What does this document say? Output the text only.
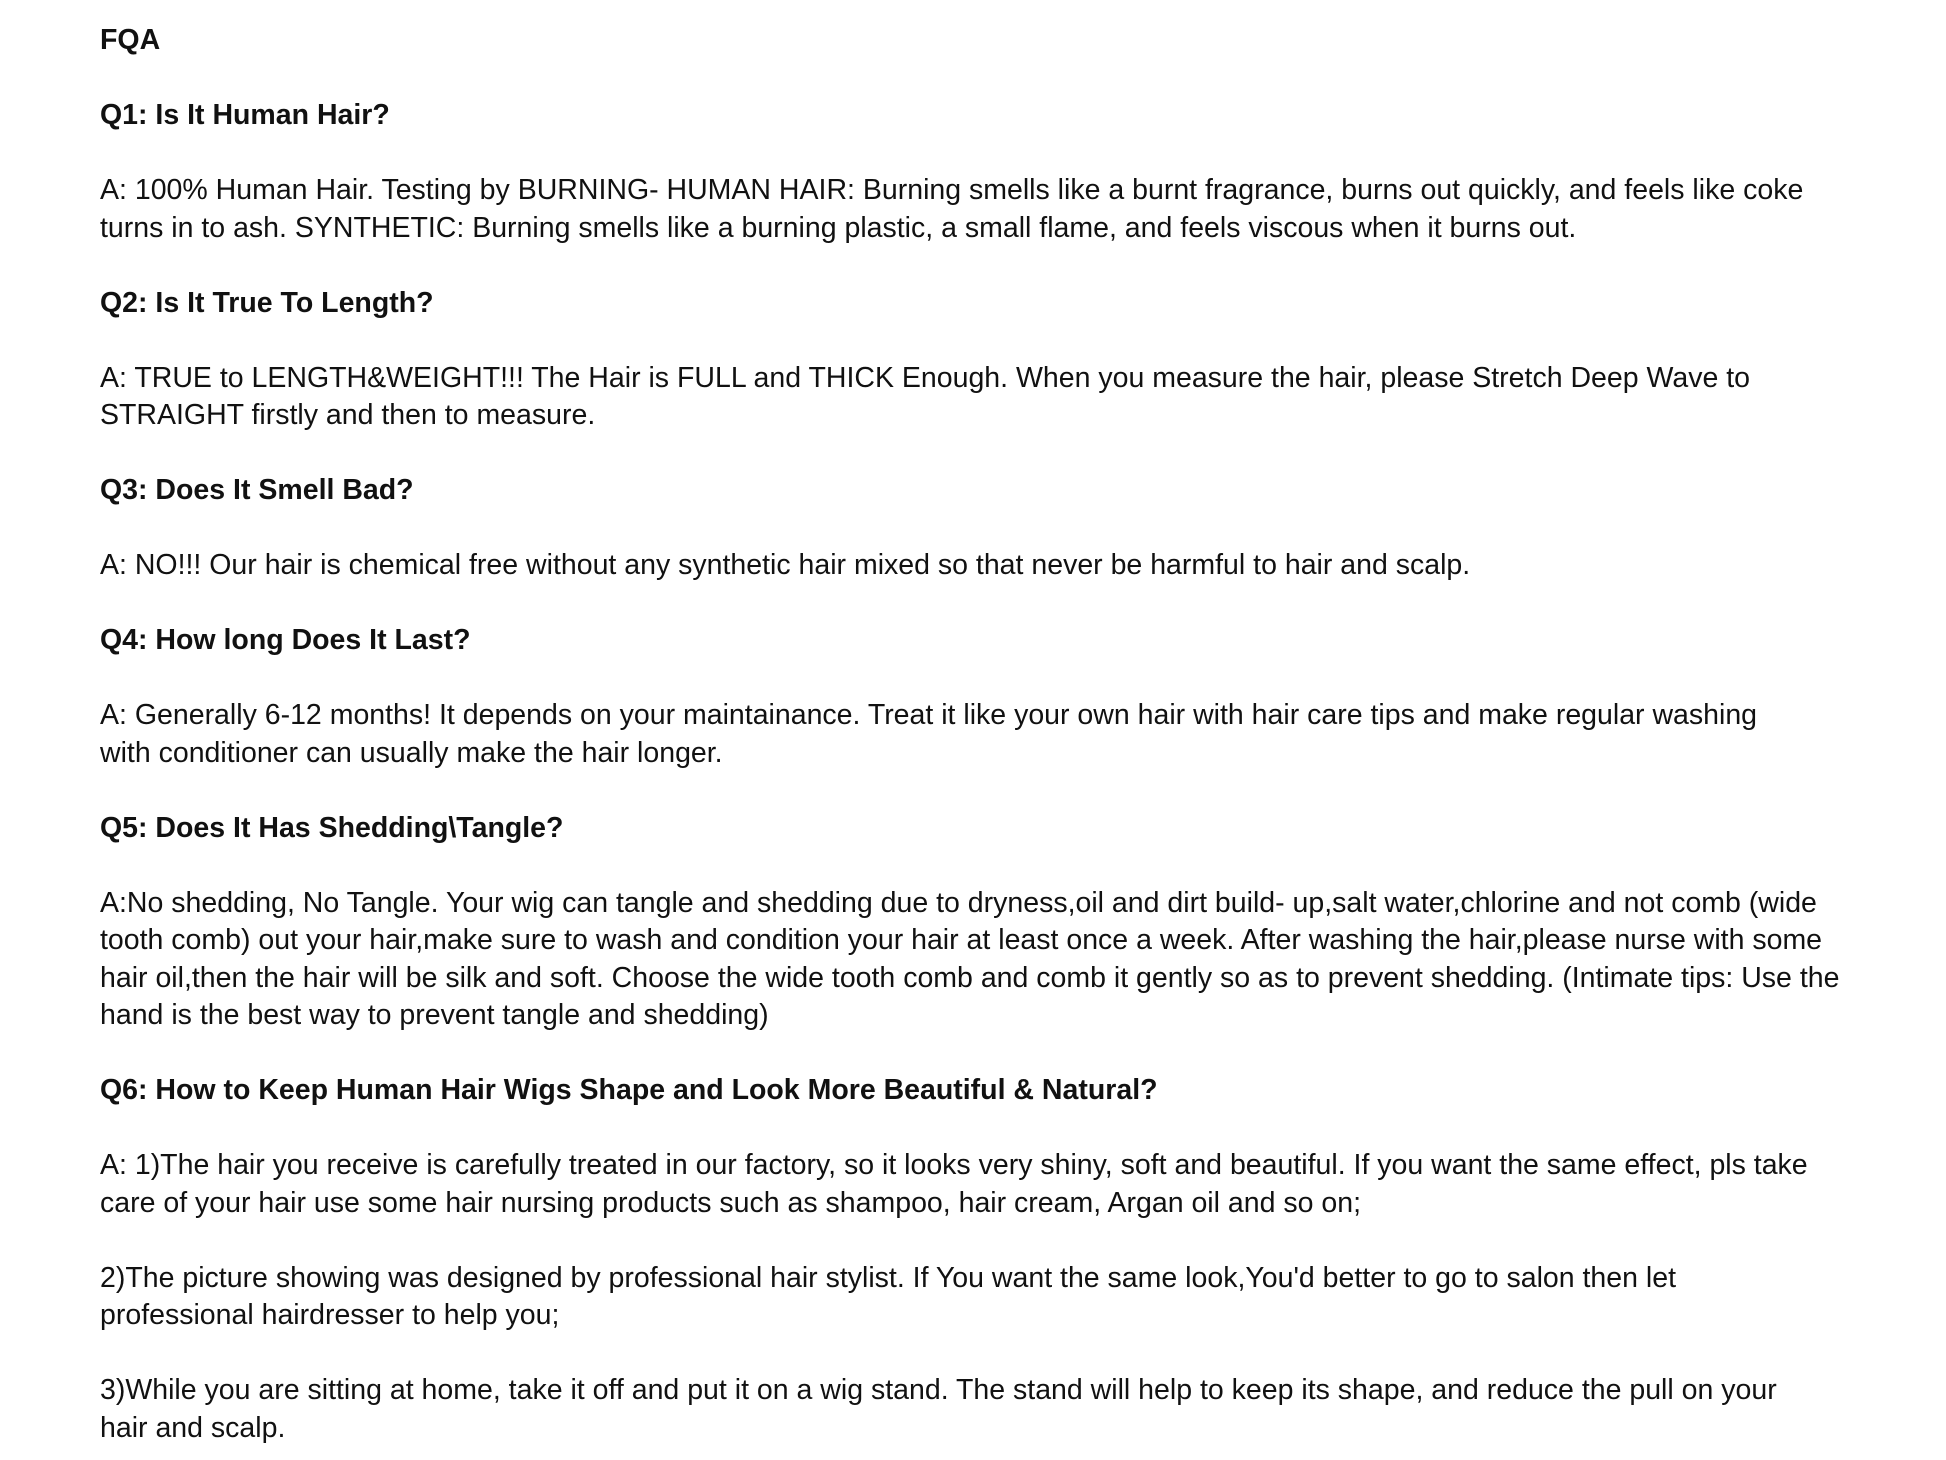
FQA

Q1: Is It Human Hair?

A: 100% Human Hair. Testing by BURNING- HUMAN HAIR: Burning smells like a burnt fragrance, burns out quickly, and feels like coke turns in to ash. SYNTHETIC: Burning smells like a burning plastic, a small flame, and feels viscous when it burns out.

Q2: Is It True To Length?

A: TRUE to LENGTH&WEIGHT!!! The Hair is FULL and THICK Enough. When you measure the hair, please Stretch Deep Wave to STRAIGHT firstly and then to measure.

Q3: Does It Smell Bad?

A: NO!!! Our hair is chemical free without any synthetic hair mixed so that never be harmful to hair and scalp.

Q4: How long Does It Last?

A: Generally 6-12 months! It depends on your maintainance. Treat it like your own hair with hair care tips and make regular washing with conditioner can usually make the hair longer.

Q5: Does It Has Shedding\Tangle?

A:No shedding, No Tangle. Your wig can tangle and shedding due to dryness,oil and dirt build- up,salt water,chlorine and not comb (wide tooth comb) out your hair,make sure to wash and condition your hair at least once a week. After washing the hair,please nurse with some hair oil,then the hair will be silk and soft. Choose the wide tooth comb and comb it gently so as to prevent shedding. (Intimate tips: Use the hand is the best way to prevent tangle and shedding)

Q6: How to Keep Human Hair Wigs Shape and Look More Beautiful & Natural?

A: 1)The hair you receive is carefully treated in our factory, so it looks very shiny, soft and beautiful. If you want the same effect, pls take care of your hair use some hair nursing products such as shampoo, hair cream, Argan oil and so on;

2)The picture showing was designed by professional hair stylist. If You want the same look,You'd better to go to salon then let professional hairdresser to help you;

3)While you are sitting at home, take it off and put it on a wig stand. The stand will help to keep its shape, and reduce the pull on your hair and scalp.
